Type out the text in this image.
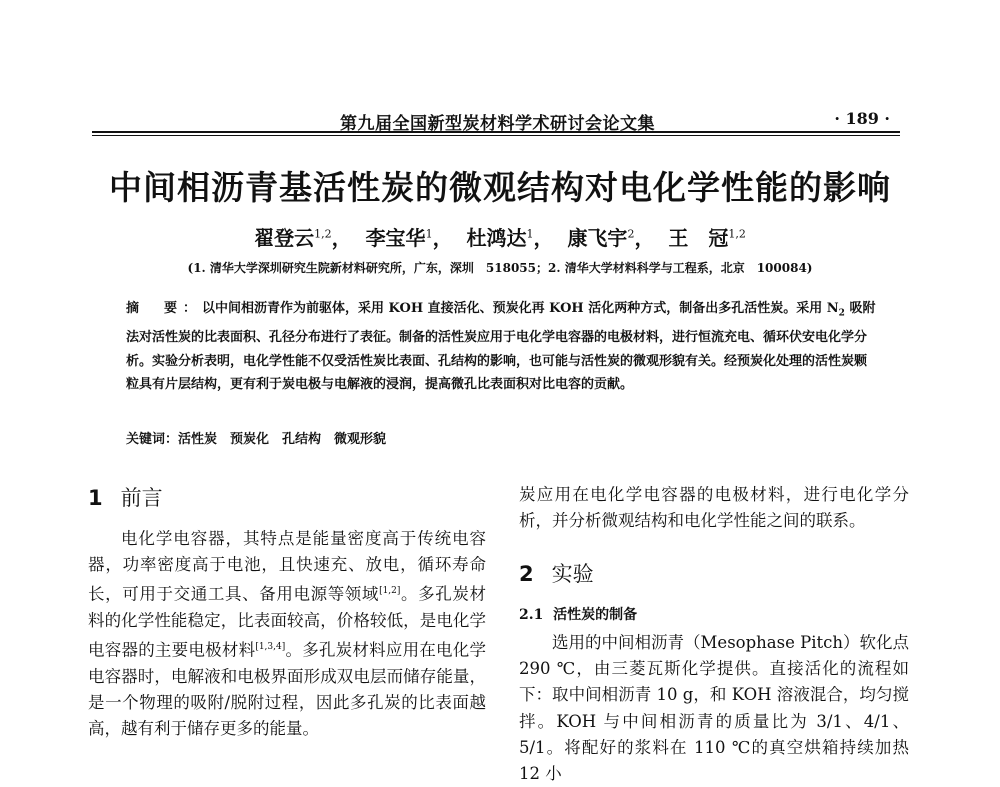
第九届全国新型炭材料学术研讨会论文集	· 189 ·
中间相沥青基活性炭的微观结构对电化学性能的影响
翟登云$^{1,2}$， 李宝华$^1$， 杜鸿达$^1$， 康飞宇$^2$， 王　冠$^{1,2}$
(1. 清华大学深圳研究生院新材料研究所，广东，深圳　518055；2. 清华大学材料科学与工程系，北京　100084)
摘　要：以中间相沥青作为前驱体，采用 KOH 直接活化、预炭化再 KOH 活化两种方式，制备出多孔活性炭。采用 $N_2$ 吸附法对活性炭的比表面积、孔径分布进行了表征。制备的活性炭应用于电化学电容器的电极材料，进行恒流充电、循环伏安电化学分析。实验分析表明，电化学性能不仅受活性炭比表面、孔结构的影响，也可能与活性炭的微观形貌有关。经预炭化处理的活性炭颗粒具有片层结构，更有利于炭电极与电解液的浸润，提高微孔比表面积对比电容的贡献。
关键词：活性炭　预炭化　孔结构　微观形貌
1 前言
电化学电容器，其特点是能量密度高于传统电容器，功率密度高于电池，且快速充、放电，循环寿命长，可用于交通工具、备用电源等领域[1,2]。多孔炭材料的化学性能稳定，比表面较高，价格较低，是电化学电容器的主要电极材料[1,3,4]。多孔炭材料应用在电化学电容器时，电解液和电极界面形成双电层而储存能量，是一个物理的吸附/脱附过程，因此多孔炭的比表面越高，越有利于储存更多的能量。
炭应用在电化学电容器的电极材料，进行电化学分析，并分析微观结构和电化学性能之间的联系。
2 实验
2.1 活性炭的制备
选用的中间相沥青（Mesophase Pitch）软化点 290 ℃，由三菱瓦斯化学提供。直接活化的流程如下：取中间相沥青 10 g，和 KOH 溶液混合，均匀搅拌。KOH 与中间相沥青的质量比为 3/1、4/1、5/1。将配好的浆料在 110 ℃的真空烘箱持续加热 12 小
